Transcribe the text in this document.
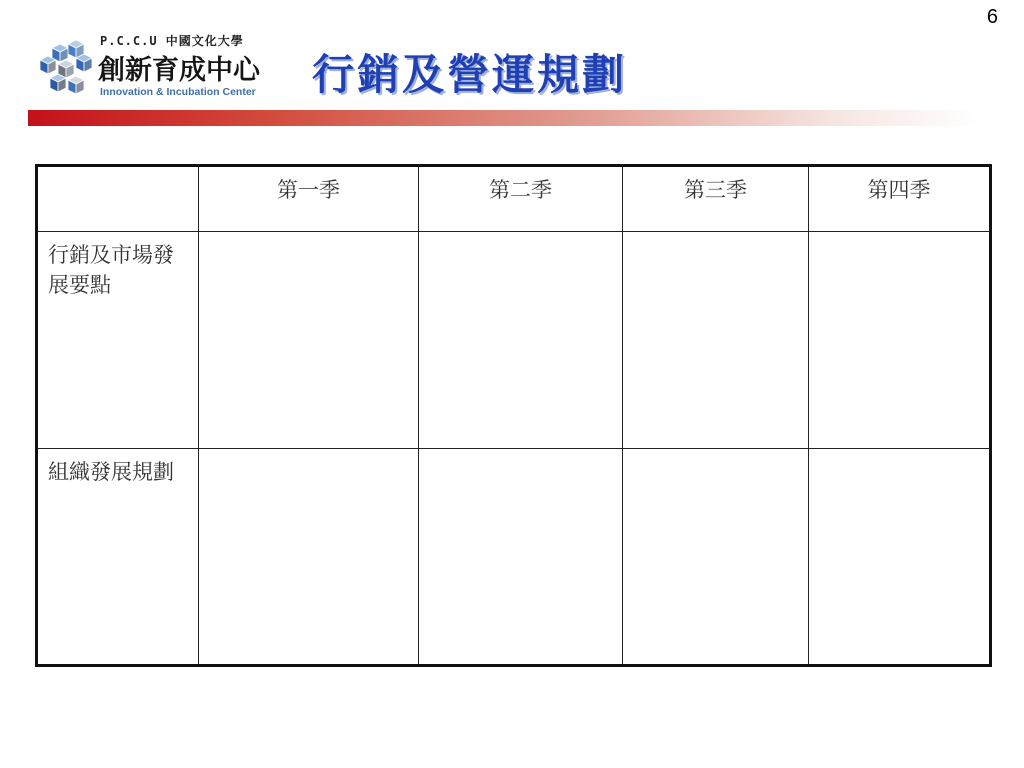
6
P.C.C.U 中國文化大學
創新育成中心
Innovation & Incubation Center 行銷及營運規劃
	第一季	第二季	第三季	第四季
行銷及市場發展要點				
組織發展規劃				
